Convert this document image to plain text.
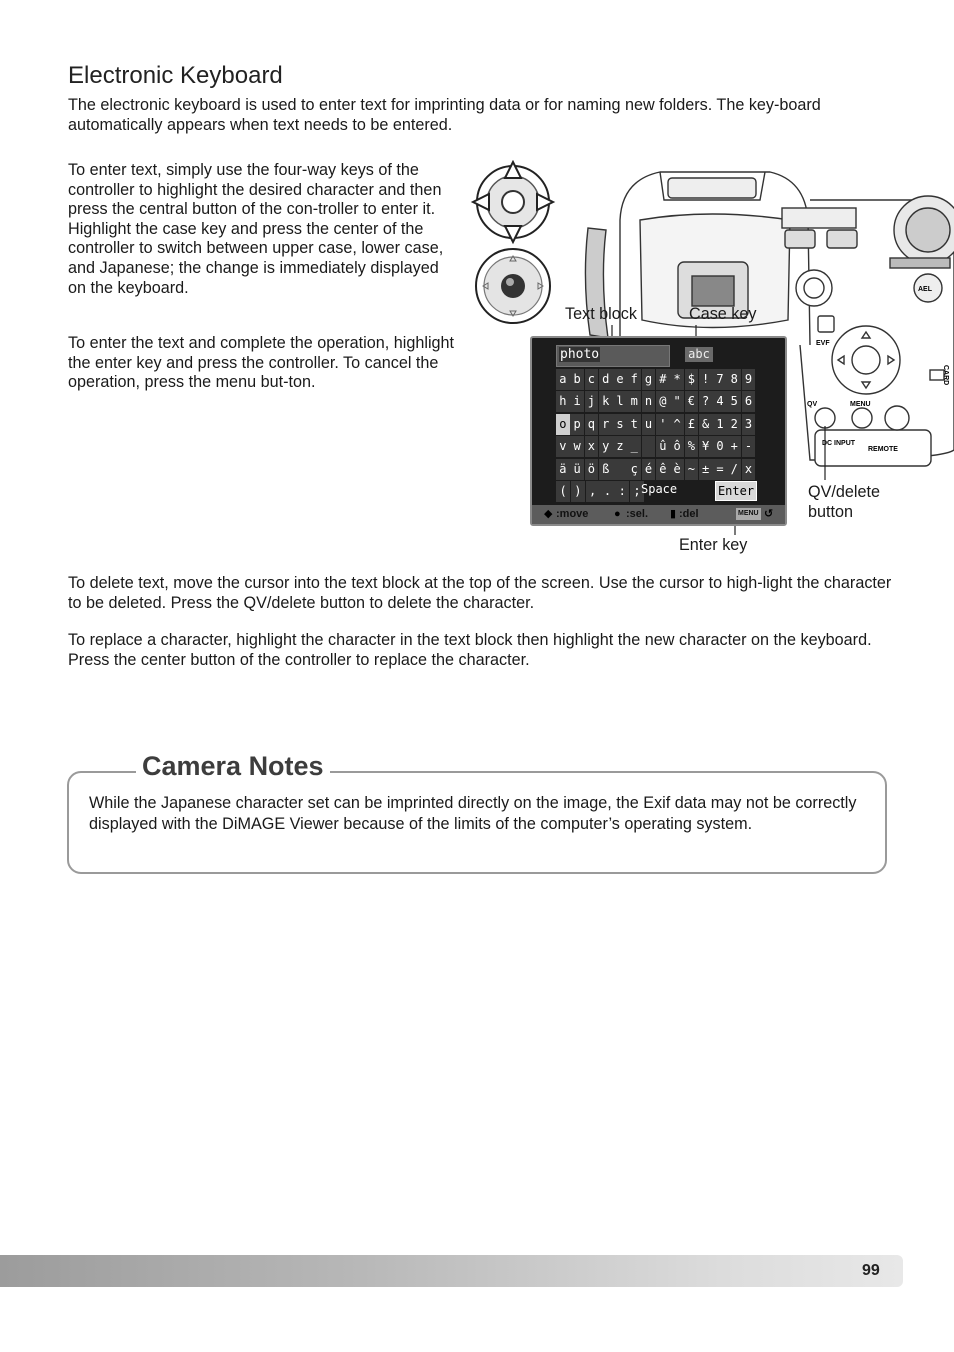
Electronic Keyboard
The electronic keyboard is used to enter text for imprinting data or for naming new folders. The key-board automatically appears when text needs to be entered.
To enter text, simply use the four-way keys of the controller to highlight the desired character and then press the central button of the con-troller to enter it. Highlight the case key and press the center of the controller to switch between upper case, lower case, and Japanese; the change is immediately displayed on the keyboard.
To enter the text and complete the operation, highlight the enter key and press the controller. To cancel the operation, press the menu but-ton.
EVF
QV	MENU
DC INPUT
REMOTE
AEL
CARD
Text block	Case key
QV/delete button
Enter key
photo	abc
a b c d e f g # * $ ! 7 8 9
h i j k l m n @ " € ? 4 5 6
o p q r s t u ' ^ £ & 1 2 3
v w x y z _ û ô % ¥ 0 + -
ä ü ö ß ç é ê è ~ ± = / x
( ) , . : ; Space	Enter
◆ :move ● :sel. ▮ :del	MENU ↺
To delete text, move the cursor into the text block at the top of the screen. Use the cursor to high-light the character to be deleted. Press the QV/delete button to delete the character.
To replace a character, highlight the character in the text block then highlight the new character on the keyboard. Press the center button of the controller to replace the character.
Camera Notes
While the Japanese character set can be imprinted directly on the image, the Exif data may not be correctly displayed with the DiMAGE Viewer because of the limits of the computer’s operating system.
99
